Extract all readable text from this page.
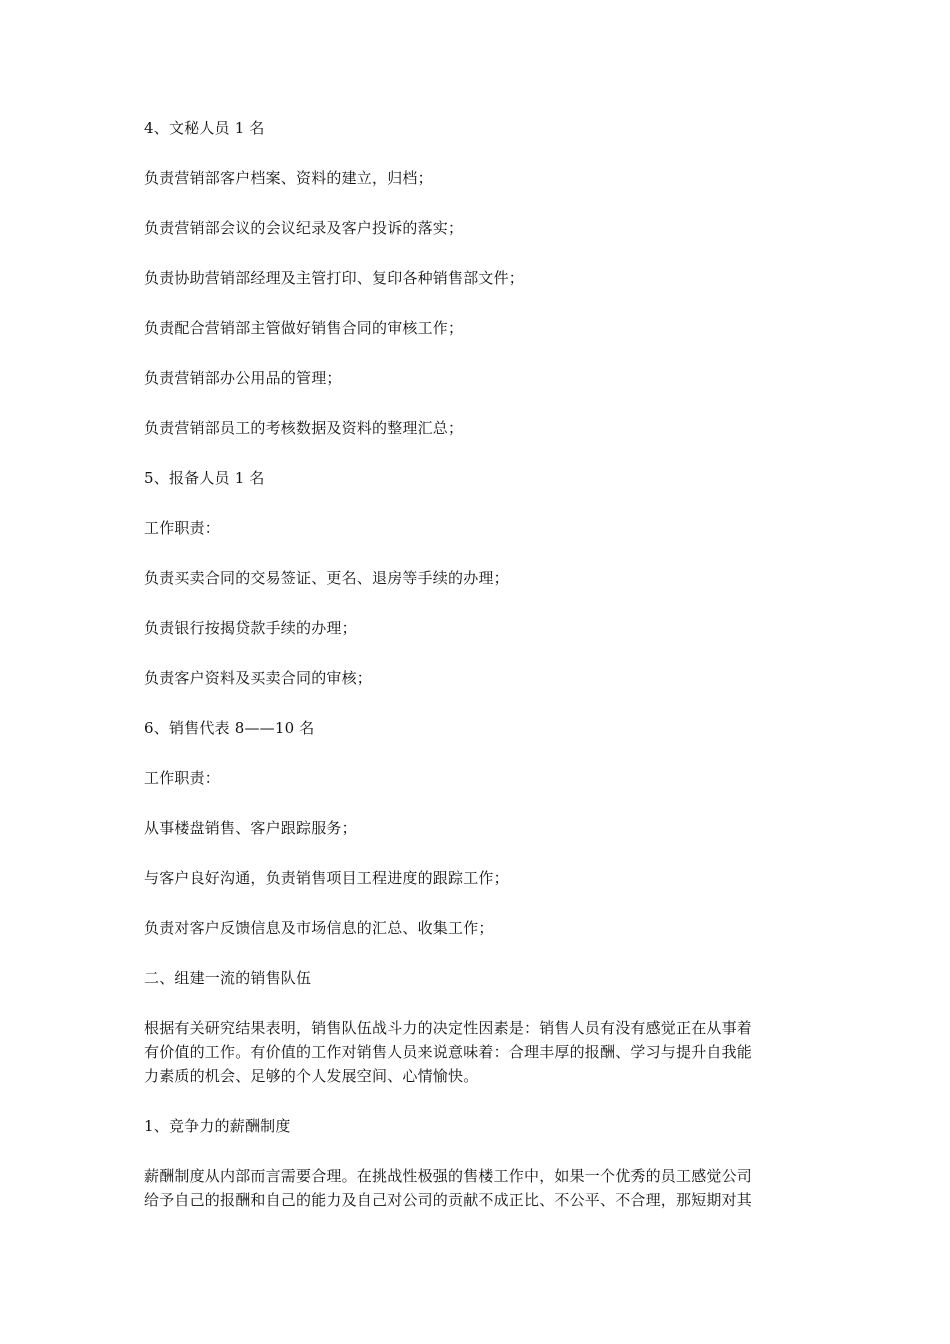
4、文秘人员 1 名
负责营销部客户档案、资料的建立，归档；
负责营销部会议的会议纪录及客户投诉的落实；
负责协助营销部经理及主管打印、复印各种销售部文件；
负责配合营销部主管做好销售合同的审核工作；
负责营销部办公用品的管理；
负责营销部员工的考核数据及资料的整理汇总；
5、报备人员 1 名
工作职责：
负责买卖合同的交易签证、更名、退房等手续的办理；
负责银行按揭贷款手续的办理；
负责客户资料及买卖合同的审核；
6、销售代表 8——10 名
工作职责：
从事楼盘销售、客户跟踪服务；
与客户良好沟通，负责销售项目工程进度的跟踪工作；
负责对客户反馈信息及市场信息的汇总、收集工作；
二、组建一流的销售队伍
根据有关研究结果表明，销售队伍战斗力的决定性因素是：销售人员有没有感觉正在从事着
有价值的工作。有价值的工作对销售人员来说意味着：合理丰厚的报酬、学习与提升自我能
力素质的机会、足够的个人发展空间、心情愉快。
1、竞争力的薪酬制度
薪酬制度从内部而言需要合理。在挑战性极强的售楼工作中，如果一个优秀的员工感觉公司
给予自己的报酬和自己的能力及自己对公司的贡献不成正比、不公平、不合理，那短期对其
